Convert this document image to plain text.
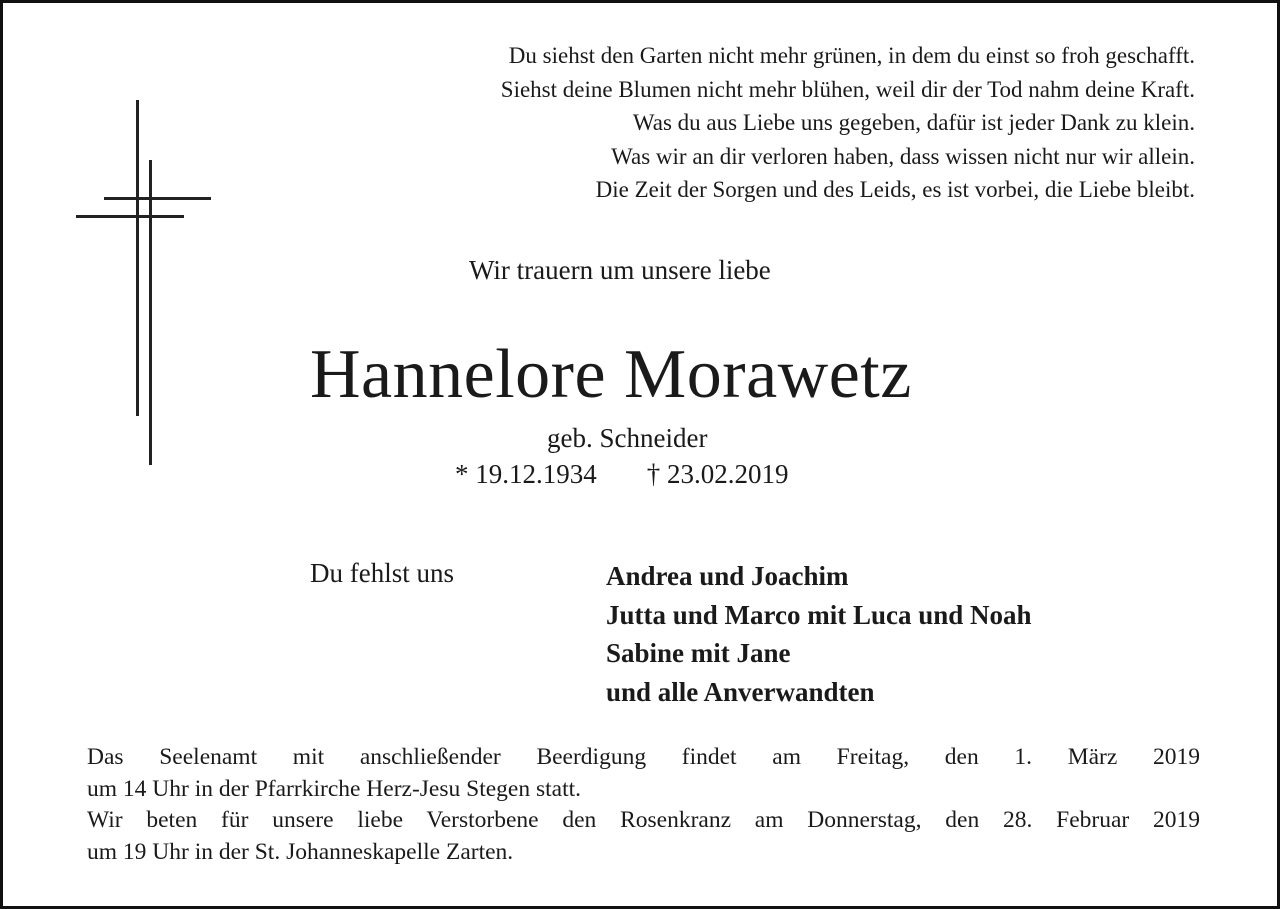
Du siehst den Garten nicht mehr grünen, in dem du einst so froh geschafft.
Siehst deine Blumen nicht mehr blühen, weil dir der Tod nahm deine Kraft.
Was du aus Liebe uns gegeben, dafür ist jeder Dank zu klein.
Was wir an dir verloren haben, dass wissen nicht nur wir allein.
Die Zeit der Sorgen und des Leids, es ist vorbei, die Liebe bleibt.
Wir trauern um unsere liebe
Hannelore Morawetz
geb. Schneider
* 19.12.1934 † 23.02.2019
Du fehlst uns	Andrea und Joachim
Jutta und Marco mit Luca und Noah
Sabine mit Jane
und alle Anverwandten
Das Seelenamt mit anschließender Beerdigung findet am Freitag, den 1. März 2019
um 14 Uhr in der Pfarrkirche Herz-Jesu Stegen statt.
Wir beten für unsere liebe Verstorbene den Rosenkranz am Donnerstag, den 28. Februar 2019
um 19 Uhr in der St. Johanneskapelle Zarten.
